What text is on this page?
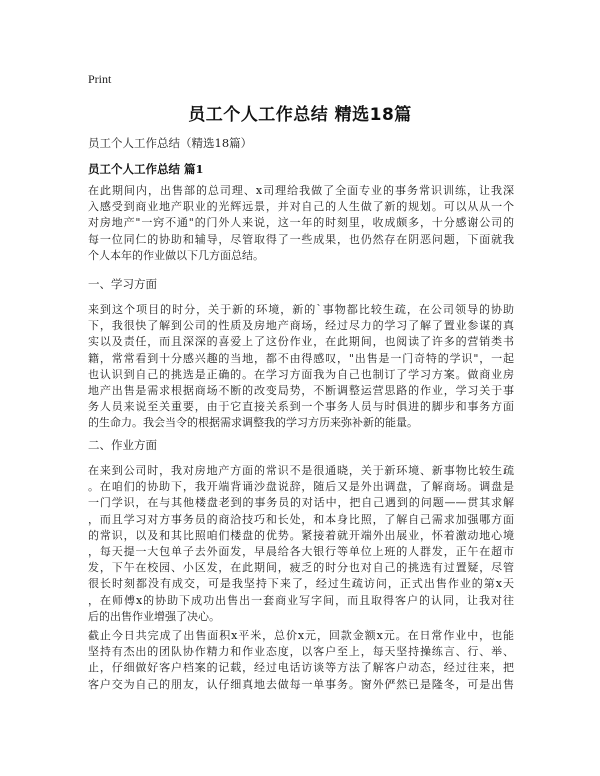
Print
员工个人工作总结 精选18篇
员工个人工作总结（精选18篇）
员工个人工作总结 篇1

在此期间内，出售部的总司理、x司理给我做了全面专业的事务常识训练，让我深
入感受到商业地产职业的光辉远景，并对自己的人生做了新的规划。可以从从一个
对房地产"一窍不通"的门外人来说，这一年的时刻里，收成颇多，十分感谢公司的
每一位同仁的协助和辅导，尽管取得了一些成果，也仍然存在阴恶问题，下面就我
个人本年的作业做以下几方面总结。

一、学习方面

来到这个项目的时分，关于新的环境，新的`事物都比较生疏，在公司领导的协助
下，我很快了解到公司的性质及房地产商场，经过尽力的学习了解了置业参谋的真
实以及责任，而且深深的喜爱上了这份作业，在此期间，也阅读了许多的营销类书
籍，常常看到十分感兴趣的当地，都不由得感叹，"出售是一门奇特的学识"，一起
也认识到自己的挑选是正确的。在学习方面我为自己也制订了学习方案。做商业房
地产出售是需求根据商场不断的改变局势，不断调整运营思路的作业，学习关于事
务人员来说至关重要，由于它直接关系到一个事务人员与时俱进的脚步和事务方面
的生命力。我会当令的根据需求调整我的学习方历来弥补新的能量。

二、作业方面

在来到公司时，我对房地产方面的常识不是很通晓，关于新环境、新事物比较生疏
。在咱们的协助下，我开端背诵沙盘说辞，随后又是外出调盘，了解商场。调盘是
一门学识，在与其他楼盘老到的事务员的对话中，把自己遇到的问题——贯其求解
，而且学习对方事务员的商洽技巧和长处，和本身比照，了解自己需求加强哪方面
的常识，以及和其比照咱们楼盘的优势。紧接着就开端外出展业，怀着激动地心境
，每天提一大包单子去外面发，早晨给各大银行等单位上班的人群发，正午在超市
发，下午在校园、小区发，在此期间，疲乏的时分也对自己的挑选有过置疑，尽管
很长时刻都没有成交，可是我坚持下来了，经过生疏访问，正式出售作业的第x天
，在师傅x的协助下成功出售出一套商业写字间，而且取得客户的认同，让我对往
后的出售作业增强了决心。

截止今日共完成了出售面积x平米，总价x元，回款金额x元。在日常作业中，也能
坚持有杰出的团队协作精力和作业态度，以客户至上，每天坚持操练言、行、举、
止，仔细做好客户档案的记载，经过电话访谈等方法了解客户动态，经过往来，把
客户交为自己的朋友，认仔细真地去做每一单事务。窗外俨然已是隆冬，可是出售
